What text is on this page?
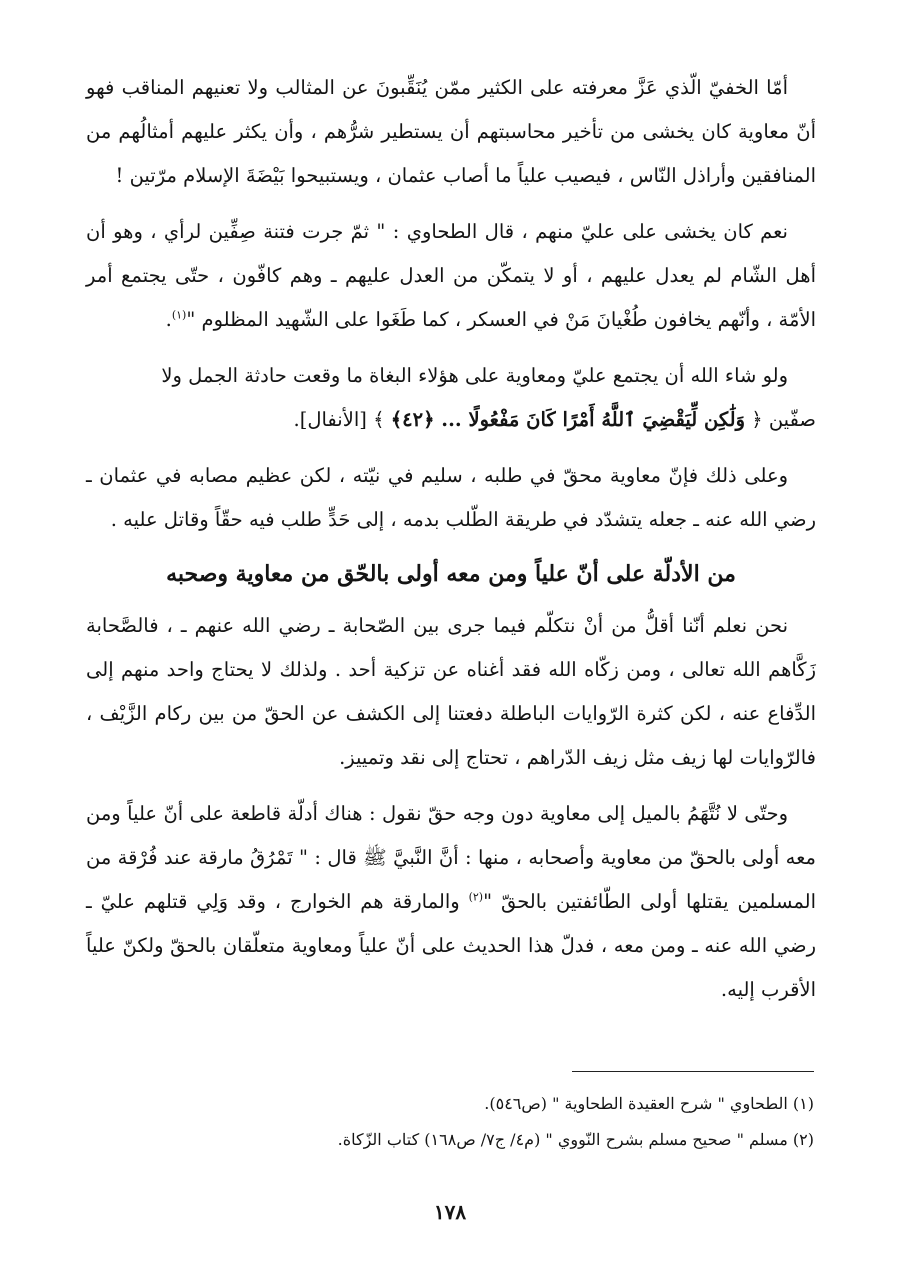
أمّا الخفيّ الّذي عَزَّ معرفته على الكثير ممّن يُنَقِّبونَ عن المثالب ولا تعنيهم المناقب فهو أنّ معاوية كان يخشى من تأخير محاسبتهم أن يستطير شرُّهم ، وأن يكثر عليهم أمثالُهم من المنافقين وأراذل النّاس ، فيصيب علياً ما أصاب عثمان ، ويستبيحوا بَيْضَةَ الإسلام مرّتين !

نعم كان يخشى على عليّ منهم ، قال الطحاوي : " ثمّ جرت فتنة صِفِّين لرأي ، وهو أن أهل الشّام لم يعدل عليهم ، أو لا يتمكّن من العدل عليهم ـ وهم كافّون ، حتّى يجتمع أمر الأمّة ، وأنّهم يخافون طُغْيانَ مَنْ في العسكر ، كما طَغَوا على الشّهيد المظلوم "$^{(١)}$.

ولو شاء الله أن يجتمع عليّ ومعاوية على هؤلاء البغاة ما وقعت حادثة الجمل ولا
صفّين ﴿ وَلَٰكِن لِّيَقْضِيَ ٱللَّهُ أَمْرًا كَانَ مَفْعُولًا ... ﴿٤٢﴾ ﴾ [الأنفال].

وعلى ذلك فإنّ معاوية محقّ في طلبه ، سليم في نيّته ، لكن عظيم مصابه في عثمان ـ رضي الله عنه ـ جعله يتشدّد في طريقة الطّلب بدمه ، إلى حَدٍّ طلب فيه حقّاً وقاتل عليه .

من الأدلّة على أنّ علياً ومن معه أولى بالحّق من معاوية وصحبه

نحن نعلم أنّنا أقلُّ من أنْ نتكلّم فيما جرى بين الصّحابة ـ رضي الله عنهم ـ ، فالصَّحابة زَكَّاهم الله تعالى ، ومن زكّاه الله فقد أغناه عن تزكية أحد . ولذلك لا يحتاج واحد منهم إلى الدِّفاع عنه ، لكن كثرة الرّوايات الباطلة دفعتنا إلى الكشف عن الحقّ من بين ركام الزَّيْف ، فالرّوايات لها زيف مثل زيف الدّراهم ، تحتاج إلى نقد وتمييز.

وحتّى لا نُتَّهَمُ بالميل إلى معاوية دون وجه حقّ نقول : هناك أدلّة قاطعة على أنّ علياً ومن معه أولى بالحقّ من معاوية وأصحابه ، منها : أنَّ النَّبيَّ ﷺ قال : " تَمْرُقُ مارقة عند فُرْقة من المسلمين يقتلها أولى الطّائفتين بالحقّ "$^{(٢)}$ والمارقة هم الخوارج ، وقد وَلِي قتلهم عليّ ـ رضي الله عنه ـ ومن معه ، فدلّ هذا الحديث على أنّ علياً ومعاوية متعلّقان بالحقّ ولكنّ علياً الأقرب إليه.

(١) الطحاوي " شرح العقيدة الطحاوية " (ص٥٤٦).
(٢) مسلم " صحيح مسلم بشرح النّووي " (م٤/ ج٧/ ص١٦٨) كتاب الزّكاة.
١٧٨
